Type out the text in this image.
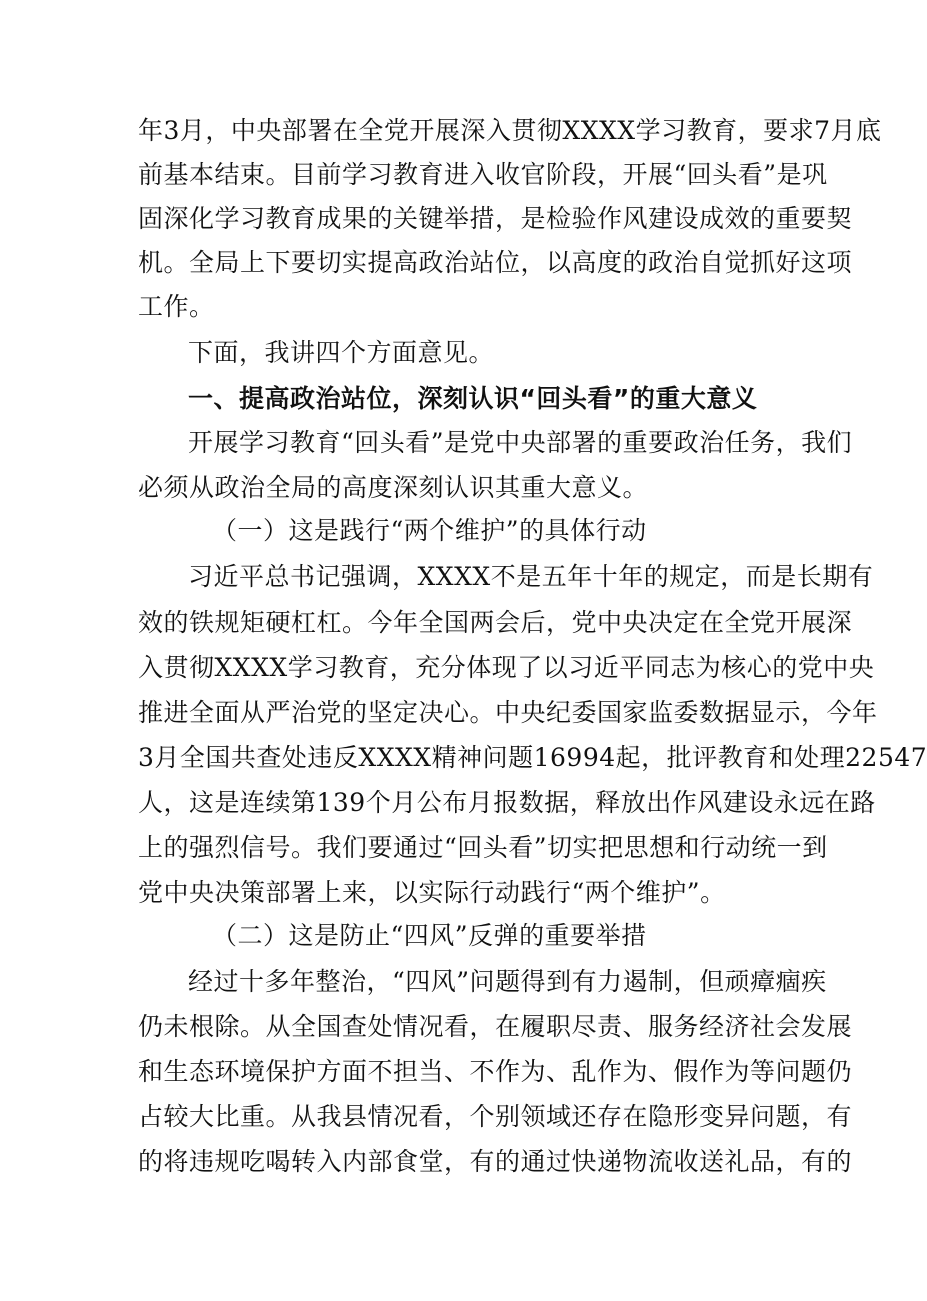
年3月，中央部署在全党开展深入贯彻XXXX学习教育，要求7月底
前基本结束。目前学习教育进入收官阶段，开展“回头看”是巩
固深化学习教育成果的关键举措，是检验作风建设成效的重要契
机。全局上下要切实提高政治站位，以高度的政治自觉抓好这项
工作。
下面，我讲四个方面意见。
一、提高政治站位，深刻认识“回头看”的重大意义
开展学习教育“回头看”是党中央部署的重要政治任务，我们
必须从政治全局的高度深刻认识其重大意义。
（一）这是践行“两个维护”的具体行动
习近平总书记强调，XXXX不是五年十年的规定，而是长期有
效的铁规矩硬杠杠。今年全国两会后，党中央决定在全党开展深
入贯彻XXXX学习教育，充分体现了以习近平同志为核心的党中央
推进全面从严治党的坚定决心。中央纪委国家监委数据显示，今年
3月全国共查处违反XXXX精神问题16994起，批评教育和处理22547
人，这是连续第139个月公布月报数据，释放出作风建设永远在路
上的强烈信号。我们要通过“回头看”切实把思想和行动统一到
党中央决策部署上来，以实际行动践行“两个维护”。
（二）这是防止“四风”反弹的重要举措
经过十多年整治，“四风”问题得到有力遏制，但顽瘴痼疾
仍未根除。从全国查处情况看，在履职尽责、服务经济社会发展
和生态环境保护方面不担当、不作为、乱作为、假作为等问题仍
占较大比重。从我县情况看，个别领域还存在隐形变异问题，有
的将违规吃喝转入内部食堂，有的通过快递物流收送礼品，有的
